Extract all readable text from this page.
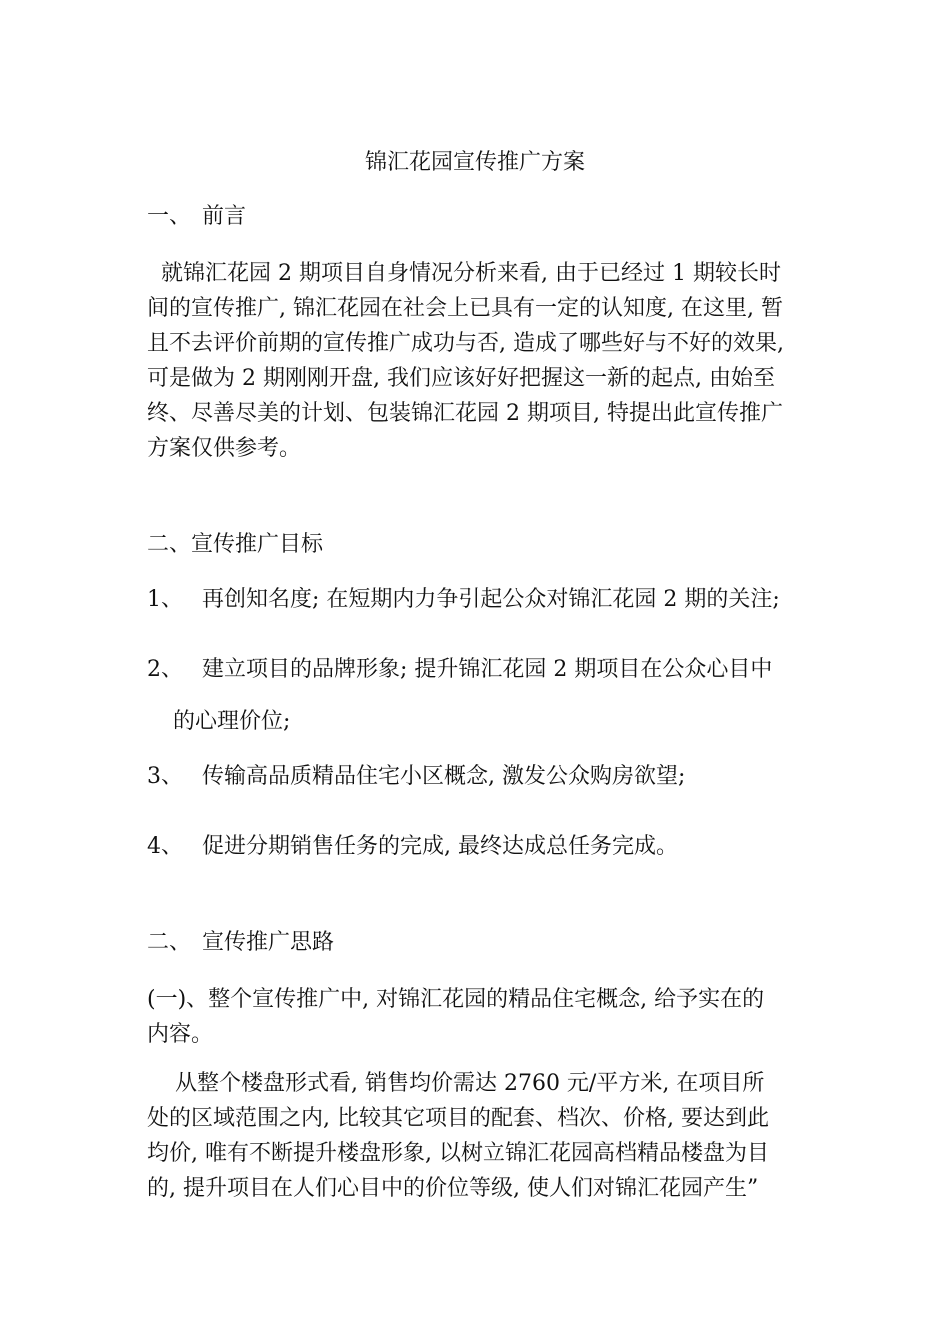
锦汇花园宣传推广方案
一、 前言
就锦汇花园 2 期项目自身情况分析来看, 由于已经过 1 期较长时
间的宣传推广, 锦汇花园在社会上已具有一定的认知度, 在这里, 暂
且不去评价前期的宣传推广成功与否, 造成了哪些好与不好的效果,
可是做为 2 期刚刚开盘, 我们应该好好把握这一新的起点, 由始至
终、尽善尽美的计划、包装锦汇花园 2 期项目, 特提出此宣传推广
方案仅供参考。
二、宣传推广目标
1、 再创知名度; 在短期内力争引起公众对锦汇花园 2 期的关注;
2、 建立项目的品牌形象; 提升锦汇花园 2 期项目在公众心目中
的心理价位;
3、 传输高品质精品住宅小区概念, 激发公众购房欲望;
4、 促进分期销售任务的完成, 最终达成总任务完成。
二、 宣传推广思路
(一)、整个宣传推广中, 对锦汇花园的精品住宅概念, 给予实在的
内容。
从整个楼盘形式看, 销售均价需达 2760 元/平方米, 在项目所
处的区域范围之内, 比较其它项目的配套、档次、价格, 要达到此
均价, 唯有不断提升楼盘形象, 以树立锦汇花园高档精品楼盘为目
的, 提升项目在人们心目中的价位等级, 使人们对锦汇花园产生”
